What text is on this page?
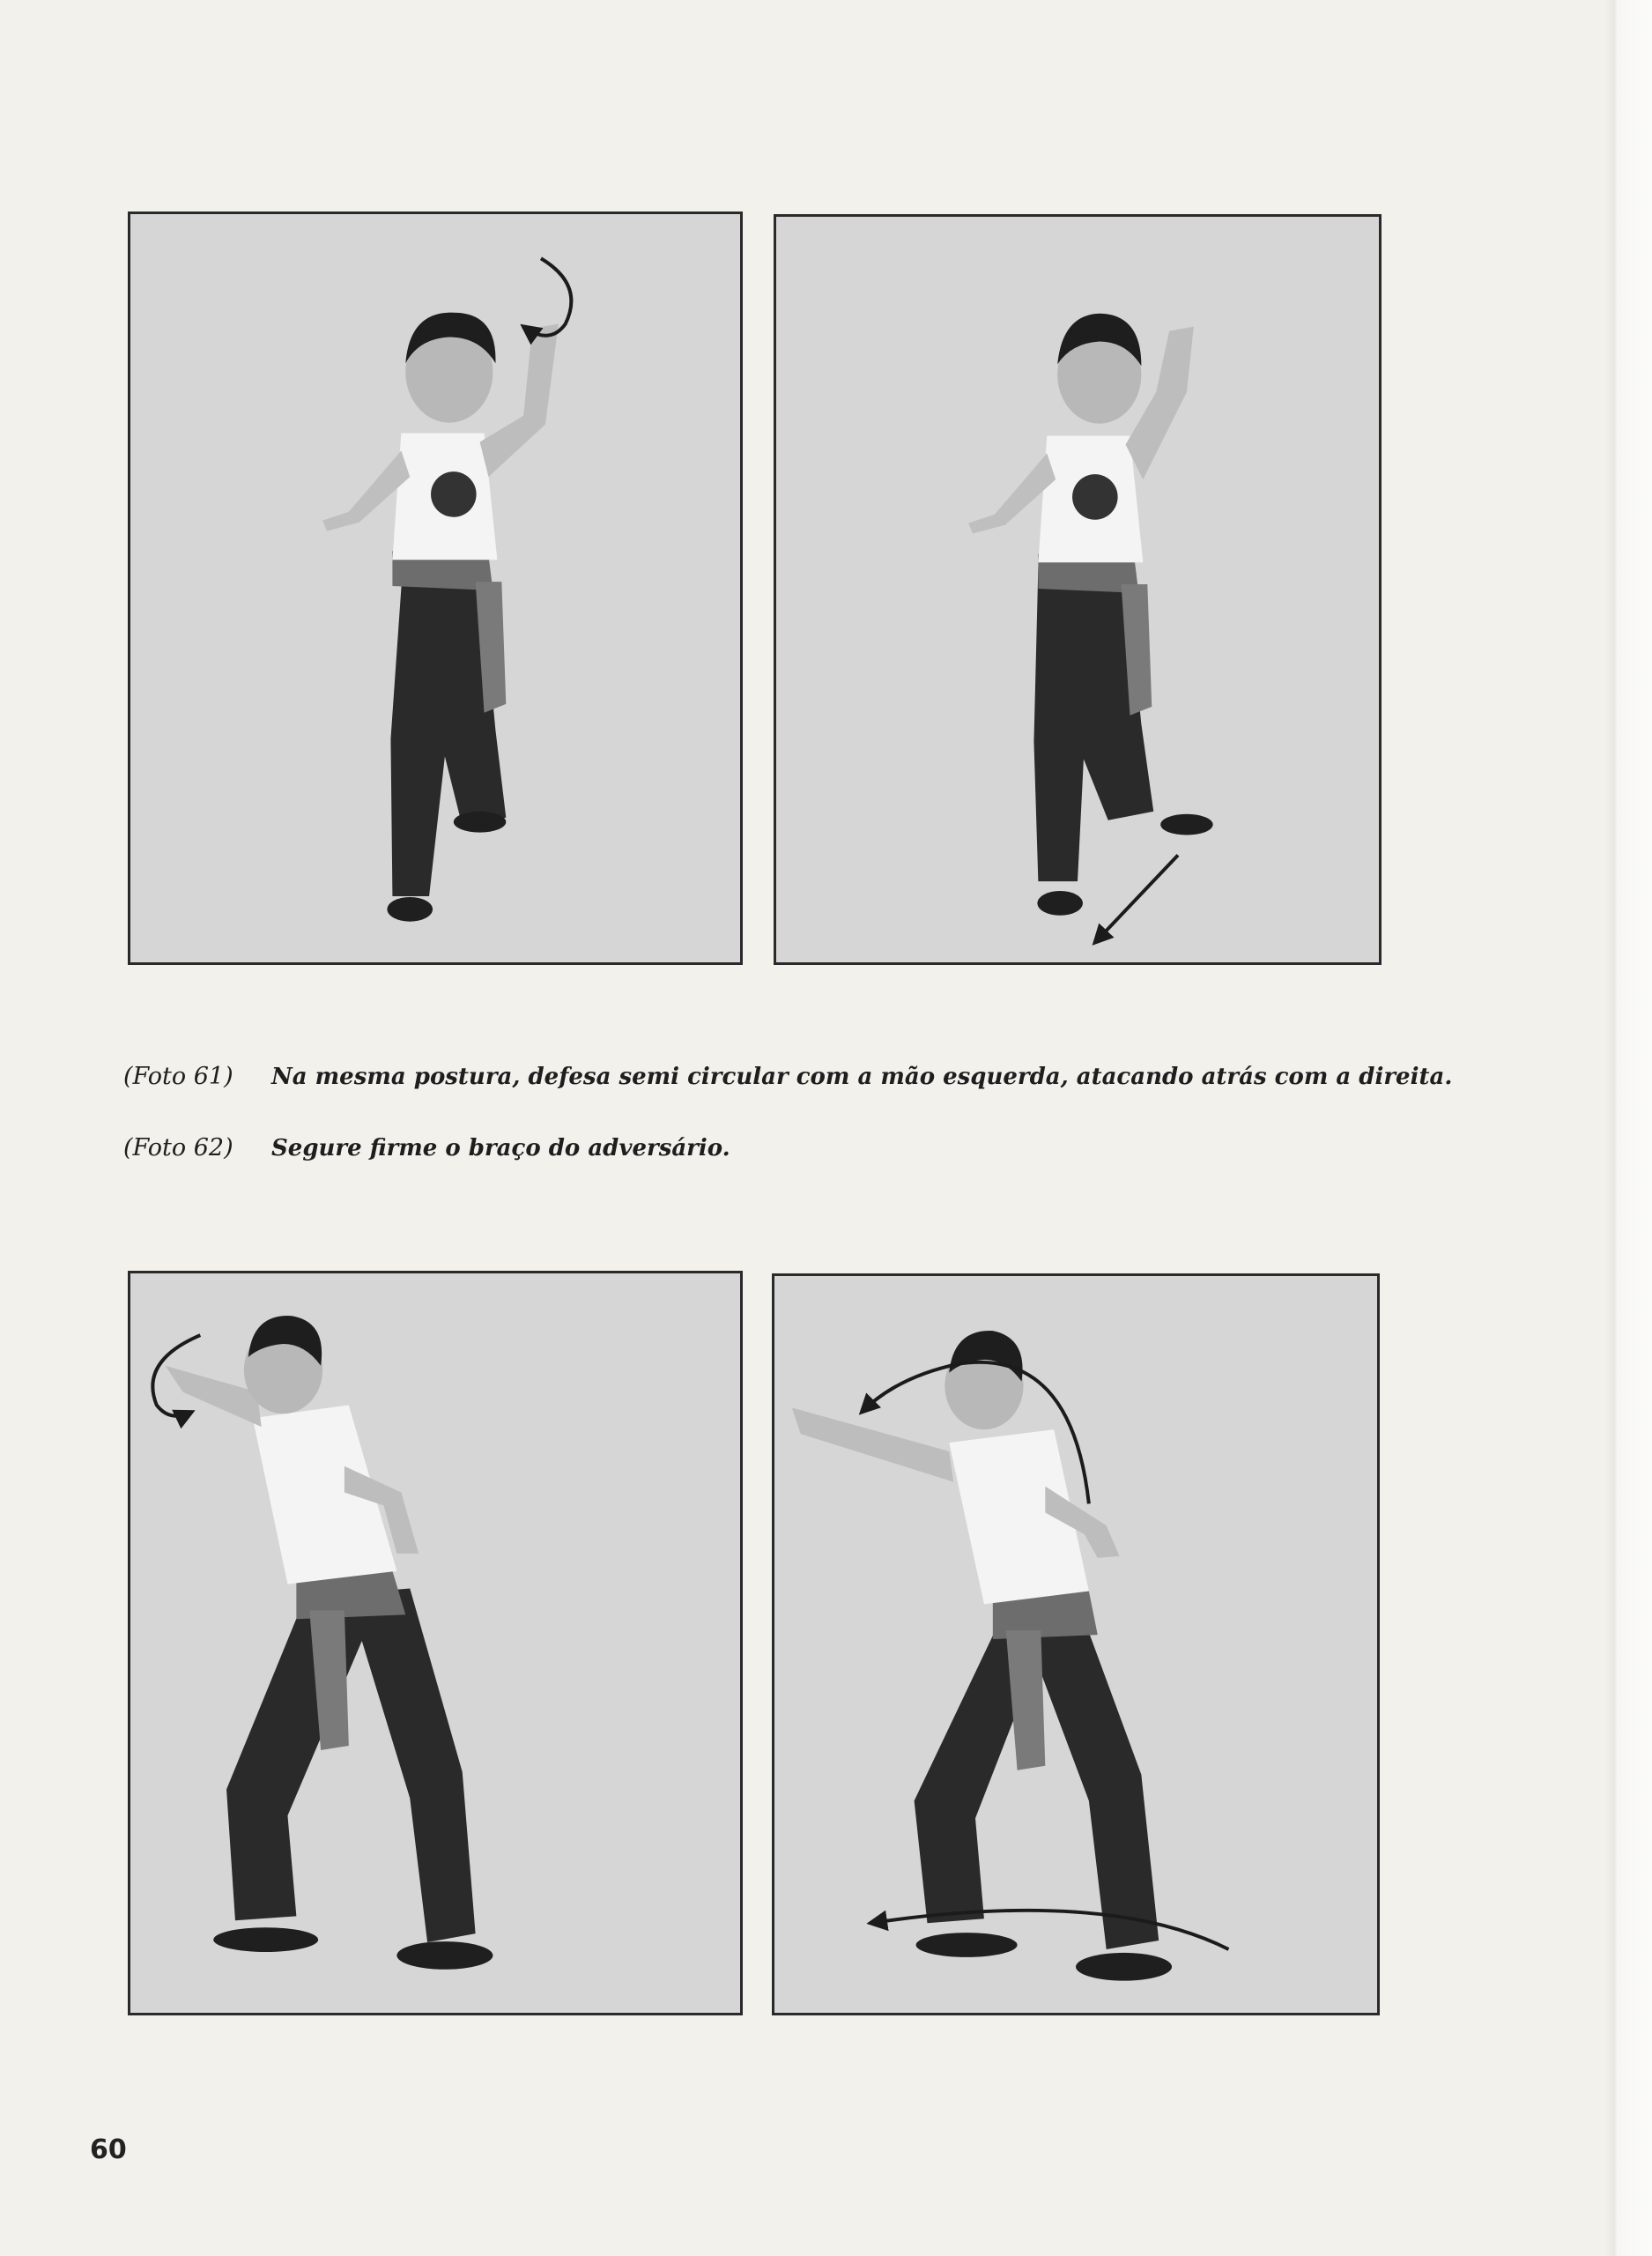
(Foto 61) Na mesma postura, defesa semi circular com a mão esquerda, atacando atrás com a direita.
(Foto 62) Segure firme o braço do adversário.
60
